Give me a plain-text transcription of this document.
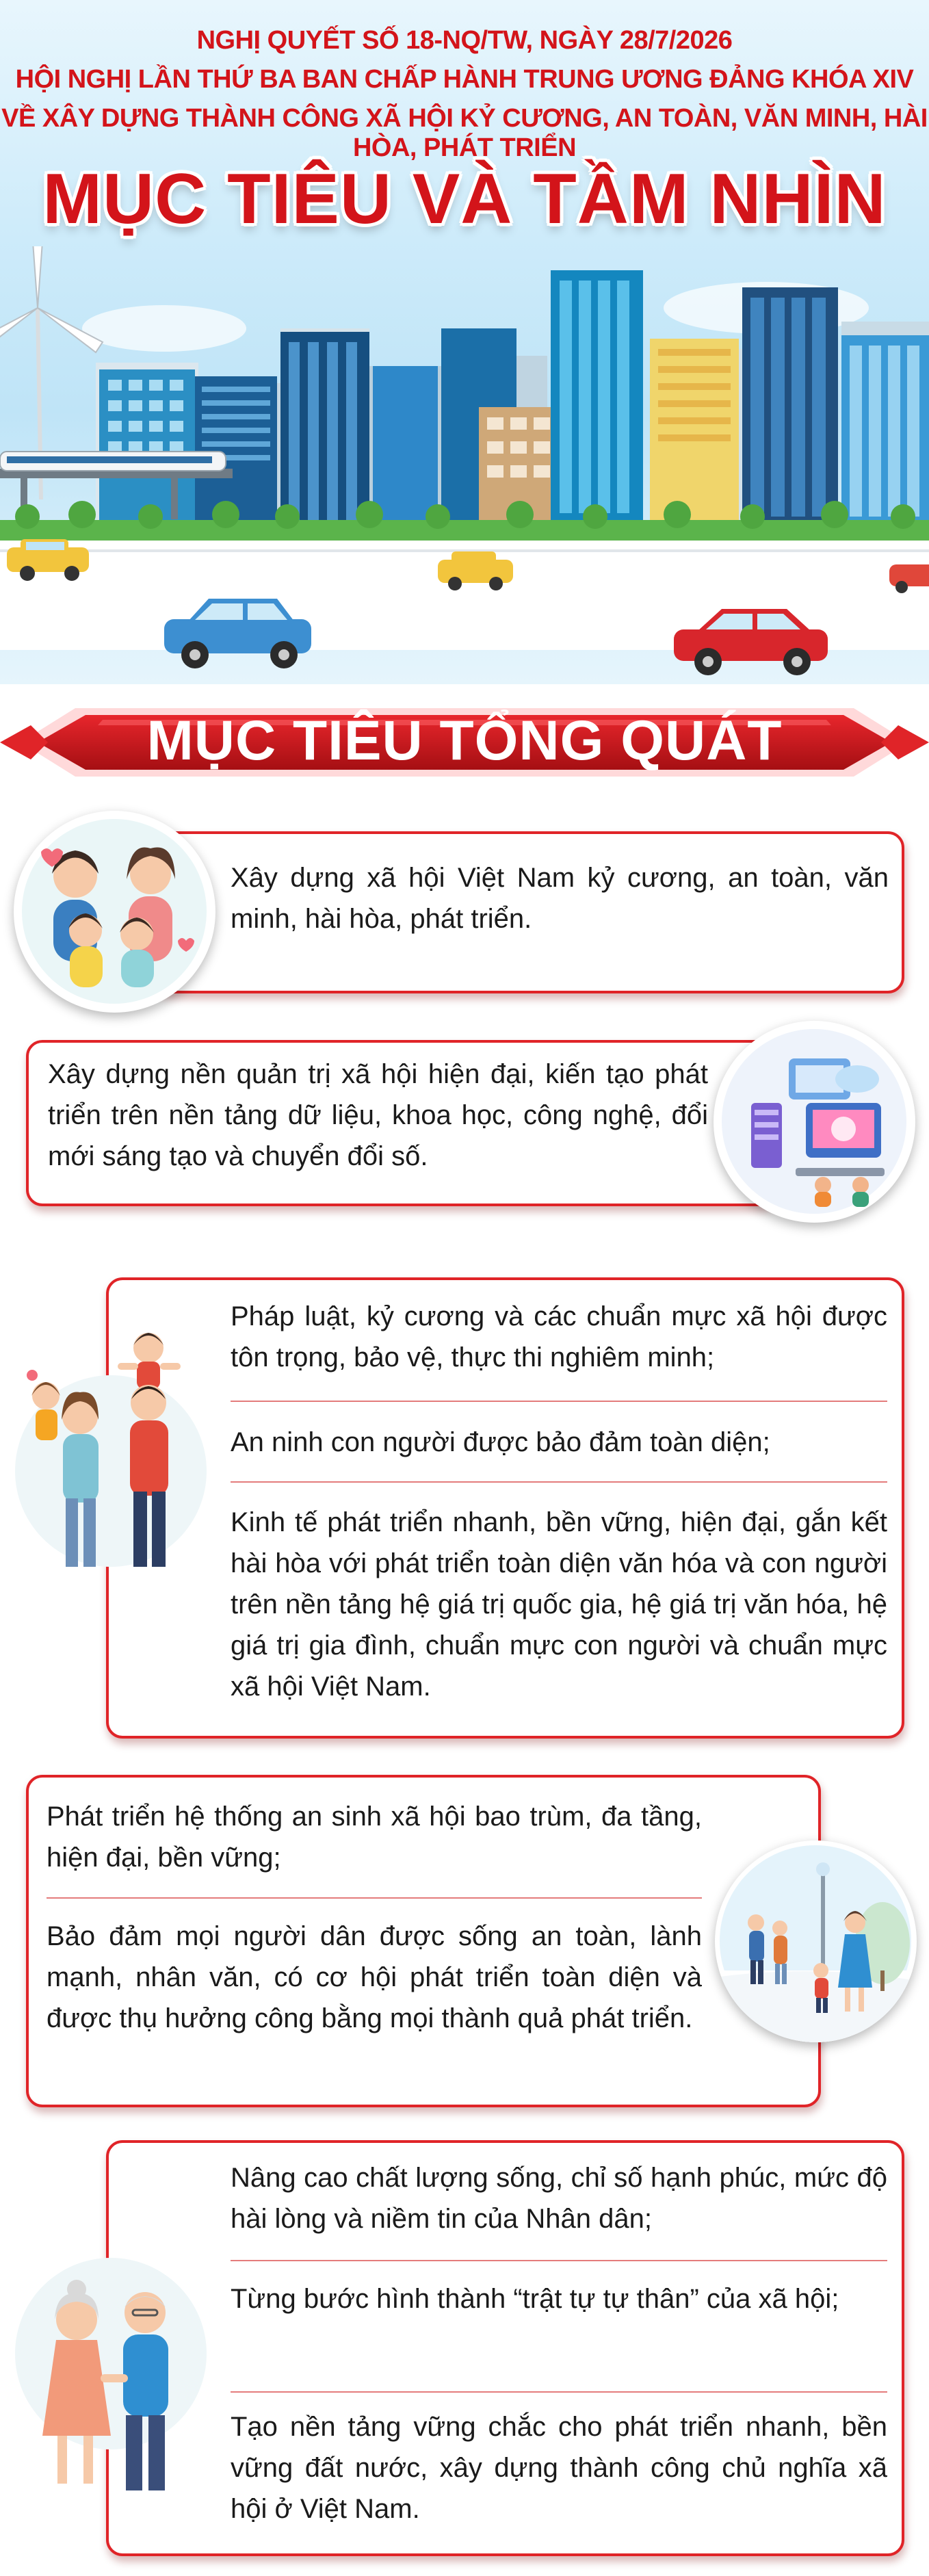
NGHỊ QUYẾT SỐ 18-NQ/TW, NGÀY 28/7/2026
HỘI NGHỊ LẦN THỨ BA BAN CHẤP HÀNH TRUNG ƯƠNG ĐẢNG KHÓA XIV
VỀ XÂY DỰNG THÀNH CÔNG XÃ HỘI KỶ CƯƠNG, AN TOÀN, VĂN MINH, HÀI HÒA, PHÁT TRIỂN
MỤC TIÊU VÀ TẦM NHÌN
MỤC TIÊU TỔNG QUÁT
Xây dựng xã hội Việt Nam kỷ cương, an toàn, văn minh, hài hòa, phát triển.
Xây dựng nền quản trị xã hội hiện đại, kiến tạo phát triển trên nền tảng dữ liệu, khoa học, công nghệ, đổi mới sáng tạo và chuyển đổi số.
Pháp luật, kỷ cương và các chuẩn mực xã hội được tôn trọng, bảo vệ, thực thi nghiêm minh;
An ninh con người được bảo đảm toàn diện;
Kinh tế phát triển nhanh, bền vững, hiện đại, gắn kết hài hòa với phát triển toàn diện văn hóa và con người trên nền tảng hệ giá trị quốc gia, hệ giá trị văn hóa, hệ giá trị gia đình, chuẩn mực con người và chuẩn mực xã hội Việt Nam.
Phát triển hệ thống an sinh xã hội bao trùm, đa tầng, hiện đại, bền vững;
Bảo đảm mọi người dân được sống an toàn, lành mạnh, nhân văn, có cơ hội phát triển toàn diện và được thụ hưởng công bằng mọi thành quả phát triển.
Nâng cao chất lượng sống, chỉ số hạnh phúc, mức độ hài lòng và niềm tin của Nhân dân;
Từng bước hình thành “trật tự tự thân” của xã hội;
Tạo nền tảng vững chắc cho phát triển nhanh, bền vững đất nước, xây dựng thành công chủ nghĩa xã hội ở Việt Nam.
